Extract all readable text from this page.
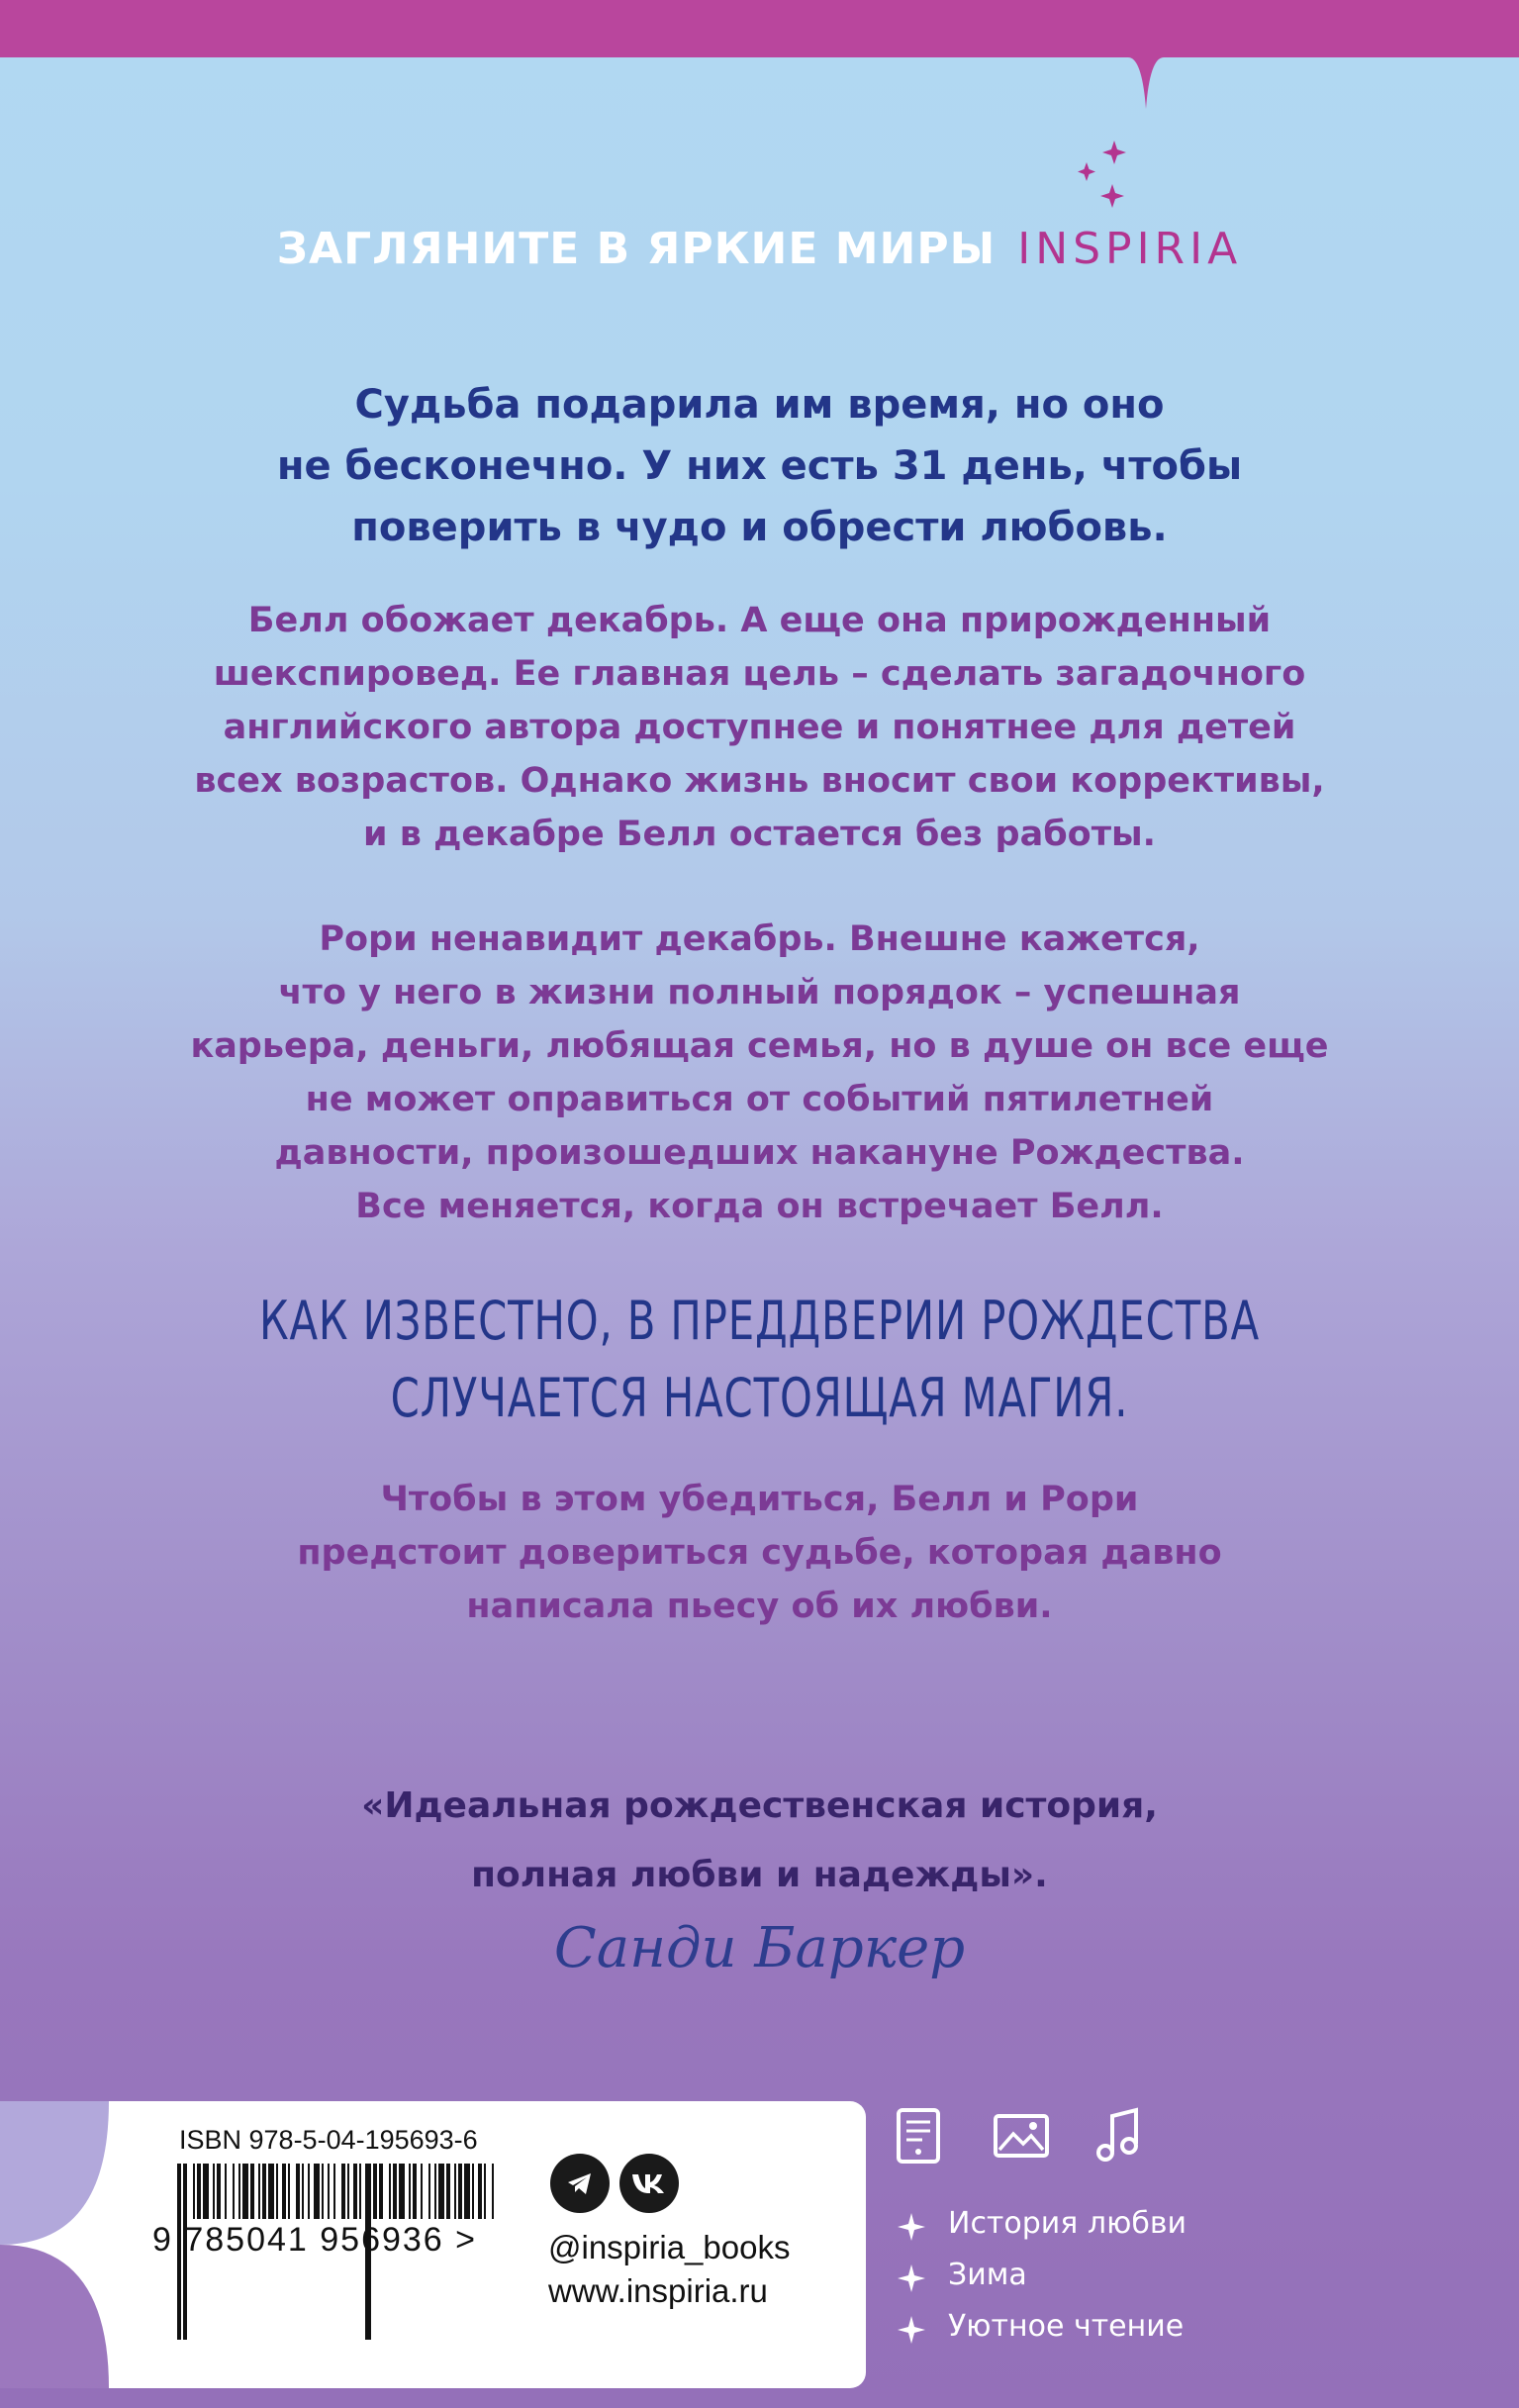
ЗАГЛЯНИТЕ В ЯРКИЕ МИРЫ INSPIRIA
Судьба подарила им время, но оно
не бесконечно. У них есть 31 день, чтобы
поверить в чудо и обрести любовь.
Белл обожает декабрь. А еще она прирожденный
шекспировед. Ее главная цель – сделать загадочного
английского автора доступнее и понятнее для детей
всех возрастов. Однако жизнь вносит свои коррективы,
и в декабре Белл остается без работы.
Рори ненавидит декабрь. Внешне кажется,
что у него в жизни полный порядок – успешная
карьера, деньги, любящая семья, но в душе он все еще
не может оправиться от событий пятилетней
давности, произошедших накануне Рождества.
Все меняется, когда он встречает Белл.
КАК ИЗВЕСТНО, В ПРЕДДВЕРИИ РОЖДЕСТВА
СЛУЧАЕТСЯ НАСТОЯЩАЯ МАГИЯ.
Чтобы в этом убедиться, Белл и Рори
предстоит довериться судьбе, которая давно
написала пьесу об их любви.
«Идеальная рождественская история,
полная любви и надежды».
Санди Баркер
ISBN 978-5-04-195693-6
9 785041 956936 > @inspiria_books
www.inspiria.ru
История любви
Зима
Уютное чтение
